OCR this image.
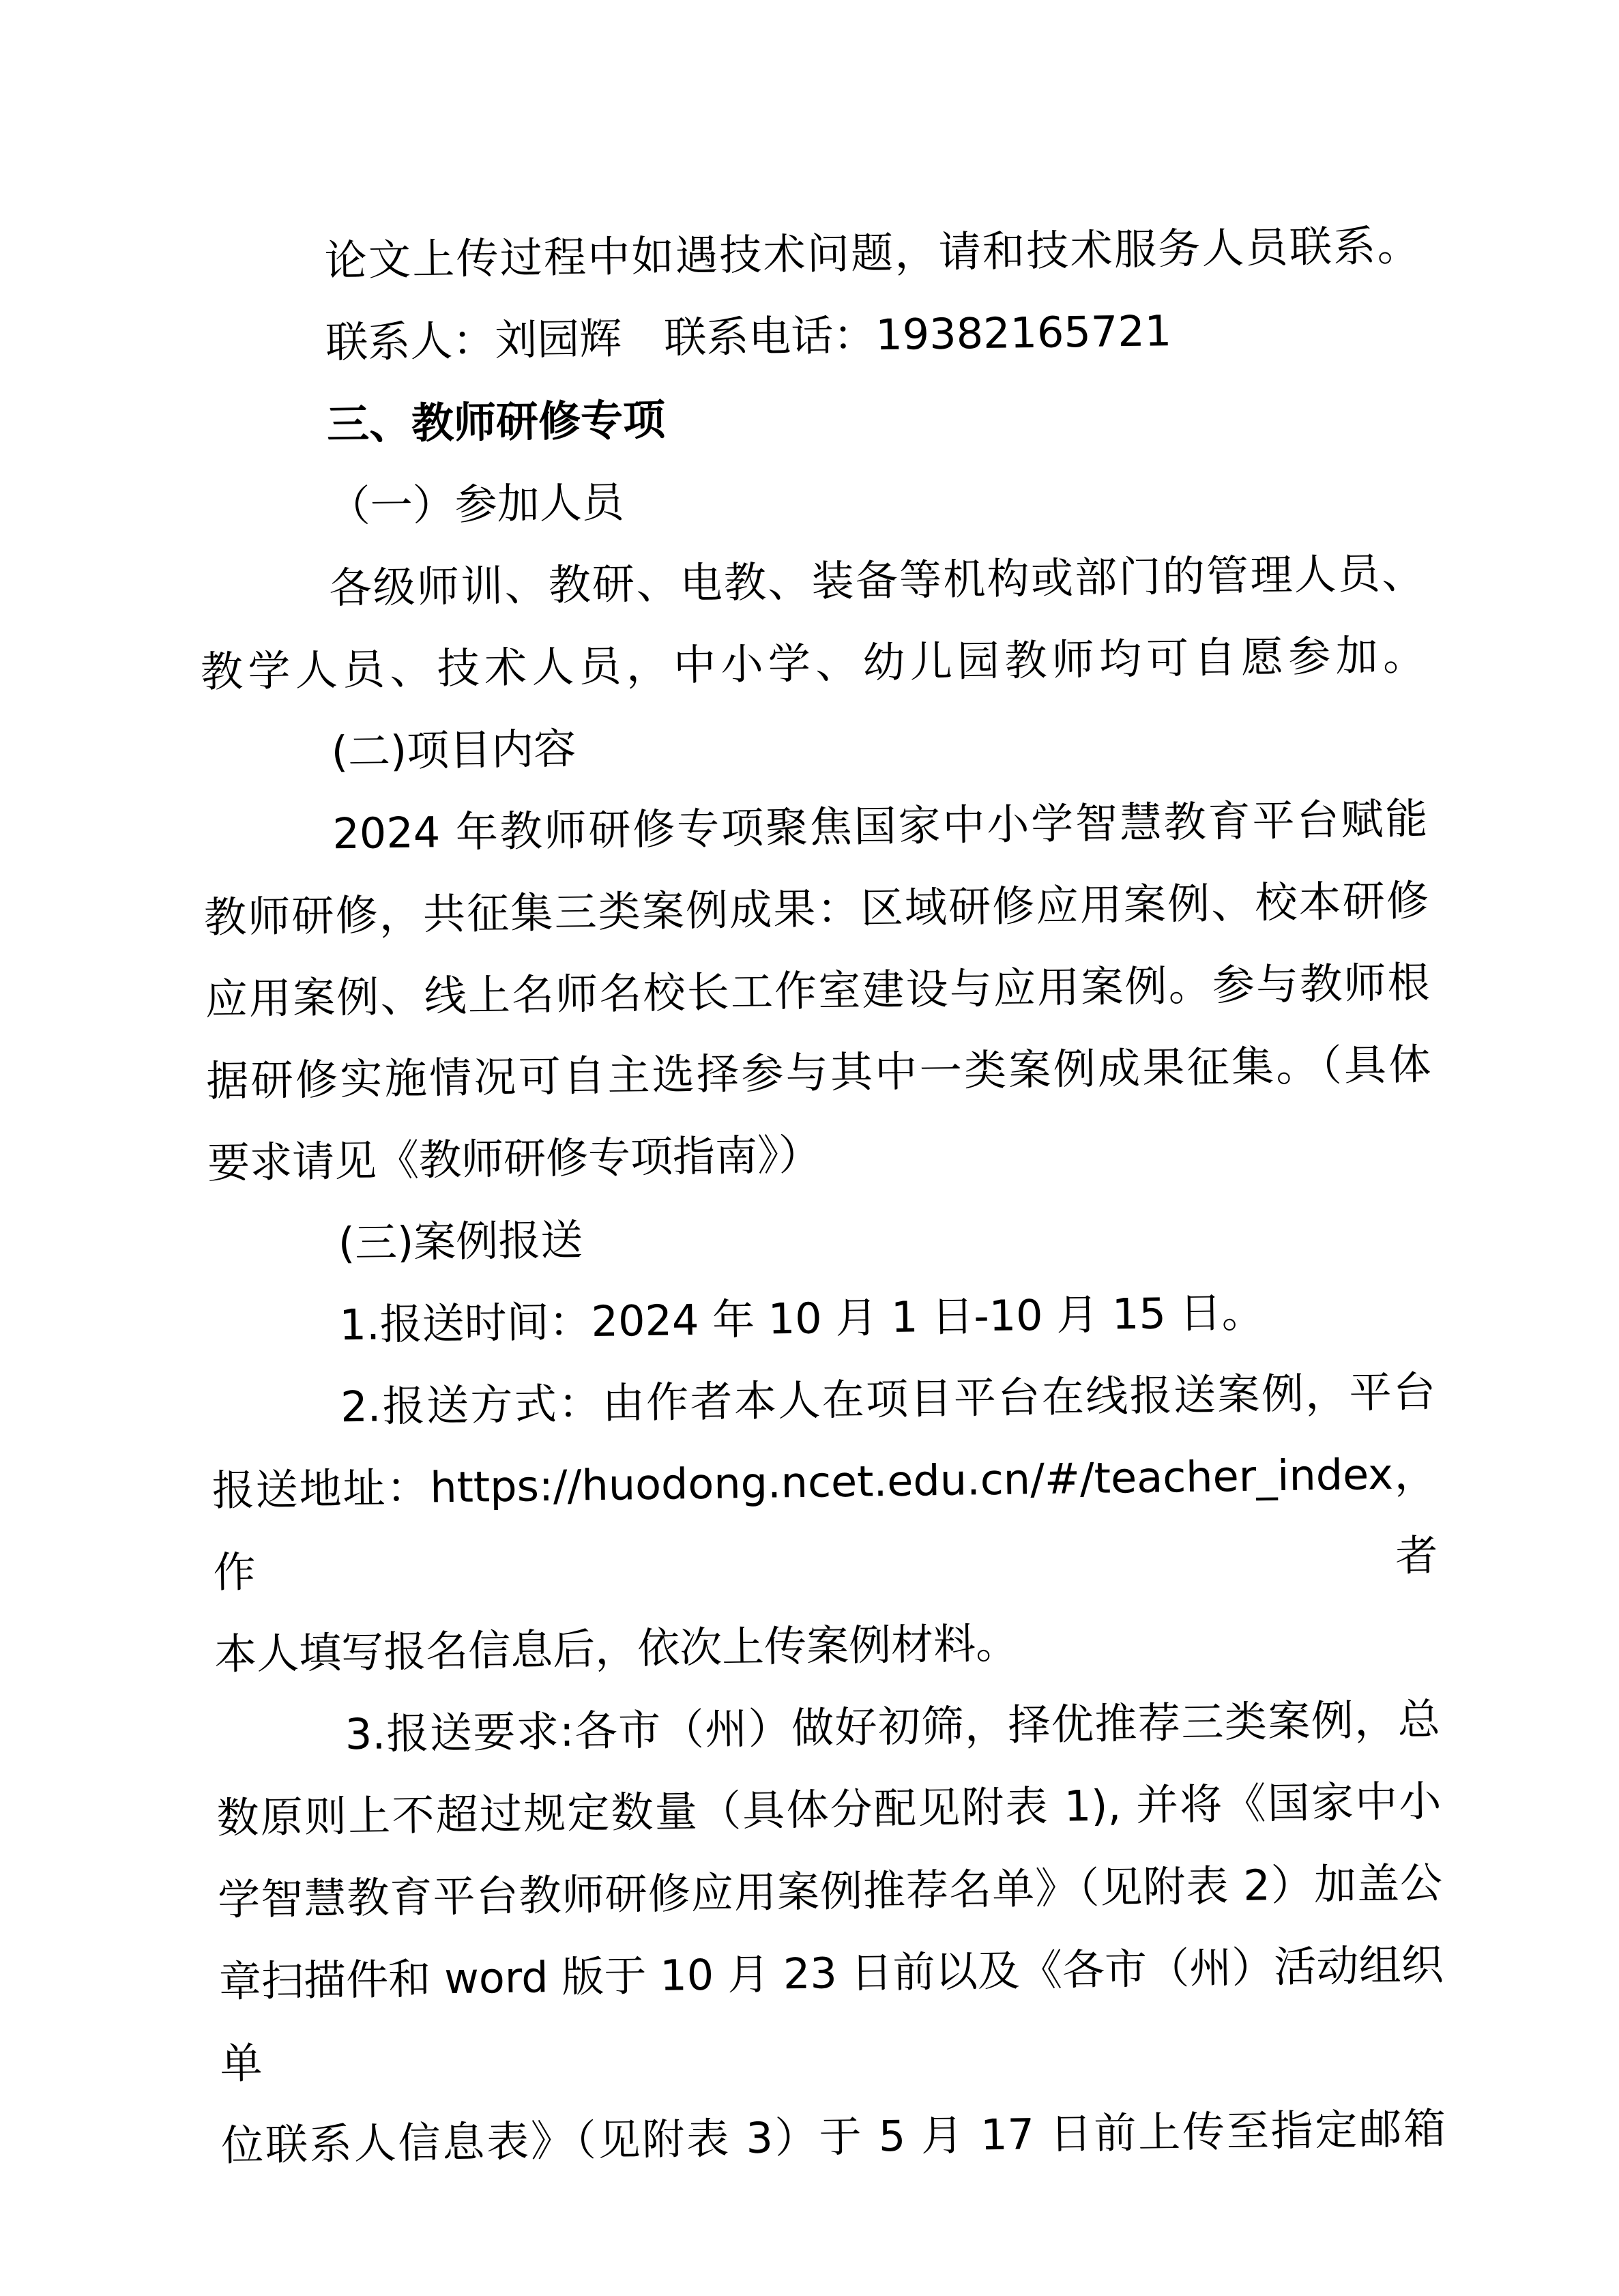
论文上传过程中如遇技术问题，请和技术服务人员联系。
联系人：刘园辉　联系电话：19382165721
三、教师研修专项
（一）参加人员
各级师训、教研、电教、装备等机构或部门的管理人员、
教学人员、技术人员，中小学、幼儿园教师均可自愿参加。
(二)项目内容
2024 年教师研修专项聚焦国家中小学智慧教育平台赋能
教师研修，共征集三类案例成果：区域研修应用案例、校本研修
应用案例、线上名师名校长工作室建设与应用案例。参与教师根
据研修实施情况可自主选择参与其中一类案例成果征集。（具体
要求请见《教师研修专项指南》）
(三)案例报送
1.报送时间：2024 年 10 月 1 日-10 月 15 日。
2.报送方式：由作者本人在项目平台在线报送案例，平台
报送地址：https://huodong.ncet.edu.cn/#/teacher_index，作者
本人填写报名信息后，依次上传案例材料。
3.报送要求:各市（州）做好初筛，择优推荐三类案例，总
数原则上不超过规定数量（具体分配见附表 1), 并将《国家中小
学智慧教育平台教师研修应用案例推荐名单》（见附表 2）加盖公
章扫描件和 word 版于 10 月 23 日前以及《各市（州）活动组织单
位联系人信息表》（见附表 3）于 5 月 17 日前上传至指定邮箱
